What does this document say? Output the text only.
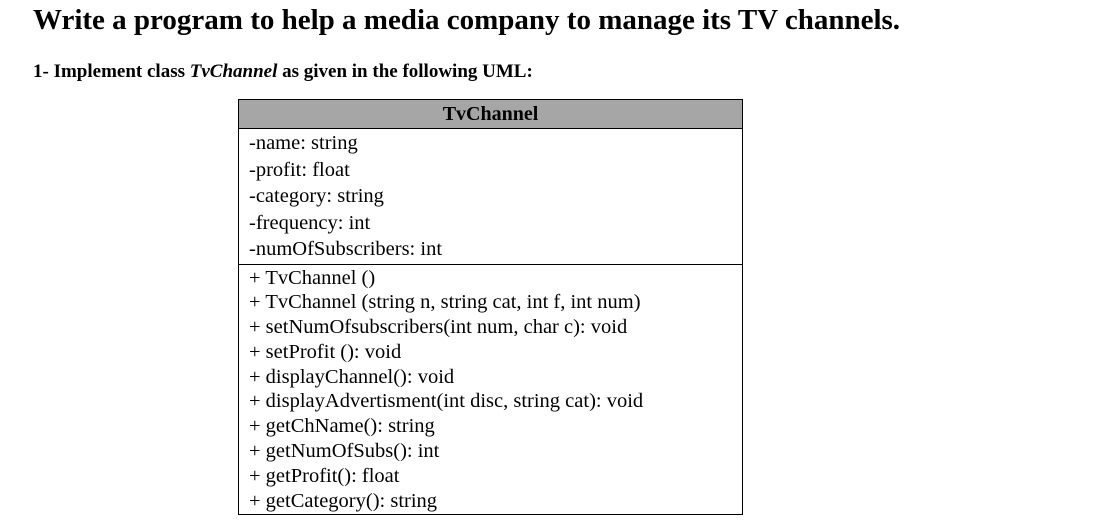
Write a program to help a media company to manage its TV channels.

1- Implement class TvChannel as given in the following UML:

TvChannel
-name: string
-profit: float
-category: string
-frequency: int
-numOfSubscribers: int
+ TvChannel ()
+ TvChannel (string n, string cat, int f, int num)
+ setNumOfsubscribers(int num, char c): void
+ setProfit (): void
+ displayChannel(): void
+ displayAdvertisment(int disc, string cat): void
+ getChName(): string
+ getNumOfSubs(): int
+ getProfit(): float
+ getCategory(): string
